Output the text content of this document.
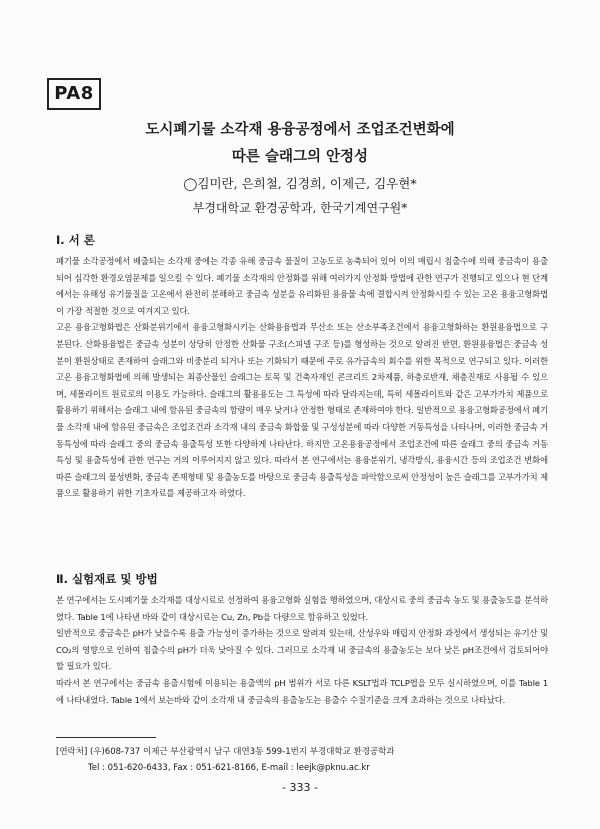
PA8
도시폐기물 소각재 용융공정에서 조업조건변화에
따른 슬래그의 안정성
◯김미란, 은희철, 김경희, 이제근, 김우현*
부경대학교 환경공학과, 한국기계연구원*
Ⅰ. 서 론

폐기물 소각공정에서 배출되는 소각재 중에는 각종 유해 중금속 물질이 고농도로 농축되어 있어 이의 매립시 침출수에 의해 중금속이 용출되어 심각한 환경오염문제를 일으킬 수 있다. 폐기물 소각재의 안정화를 위해 여러가지 안정화 방법에 관한 연구가 진행되고 있으나 현 단계에서는 유해성 유기물질을 고온에서 완전히 분해하고 중금속 성분을 유리화된 용융물 속에 결합시켜 안정화시킬 수 있는 고온 용융고형화법이 가장 적절한 것으로 여겨지고 있다.

고온 용융고형화법은 산화분위기에서 용융고형화시키는 산화용융법과 무산소 또는 산소부족조건에서 용융고형화하는 환원용융법으로 구분된다. 산화용융법은 중금속 성분이 상당히 안정한 산화물 구조(스피넬 구조 등)를 형성하는 것으로 알려진 반면, 환원용융법은 중금속 성분이 환원상태로 존재하여 슬래그와 비중분리 되거나 또는 기화되기 때문에 주로 유가금속의 회수를 위한 목적으로 연구되고 있다. 이러한 고온 용융고형화법에 의해 발생되는 최종산물인 슬래그는 토목 및 건축자재인 콘크리트 2차제품, 하층로반재, 채층진재로 사용될 수 있으며, 세몰라이트 원료로의 이용도 가능하다. 슬래그의 활용용도는 그 특성에 따라 달라지는데, 특히 세몰라이트와 같은 고부가가치 제품으로 활용하기 위해서는 슬래그 내에 함유된 중금속의 함량이 매우 낮거나 안정한 형태로 존재하여야 한다. 일반적으로 용융고형화공정에서 폐기물 소각재 내에 함유된 중금속은 조업조건과 소각재 내의 중금속 화합물 및 구성성분에 따라 다양한 거동특성을 나타나며, 이러한 중금속 거동특성에 따라 슬래그 중의 중금속 용출특성 또한 다양하게 나타난다. 하지만 고온용융공정에서 조업조건에 따른 슬래그 중의 중금속 거동특성 및 용출특성에 관한 연구는 거의 이루어지지 않고 있다. 따라서 본 연구에서는 용융분위기, 냉각방식, 용융시간 등의 조업조건 변화에 따른 슬래그의 물성변화, 중금속 존재형태 및 용출농도를 바탕으로 중금속 용출특성을 파악함으로써 안정성이 높은 슬래그를 고부가가치 제품으로 활용하기 위한 기초자료를 제공하고자 하였다.

Ⅱ. 실험재료 및 방법

본 연구에서는 도시폐기물 소각재를 대상시료로 선정하여 용융고형화 실험을 행하였으며, 대상시료 중의 중금속 농도 및 용출농도를 분석하였다. Table 1에 나타낸 바와 같이 대상시료는 Cu, Zn, Pb을 다량으로 함유하고 있었다.

일반적으로 중금속은 pH가 낮을수록 용출 가능성이 증가하는 것으로 알려져 있는데, 산성우와 매립지 안정화 과정에서 생성되는 유기산 및 CO₂의 영향으로 인하여 침출수의 pH가 더욱 낮아질 수 있다. 그러므로 소각재 내 중금속의 용출농도는 보다 낮은 pH조건에서 검토되어야 할 필요가 있다.

따라서 본 연구에서는 중금속 용출시험에 이용되는 용출액의 pH 범위가 서로 다른 KSLT법과 TCLP법을 모두 실시하였으며, 이를 Table 1에 나타내었다. Table 1에서 보는바와 같이 소각재 내 중금속의 용출농도는 용출수 수질기준을 크게 초과하는 것으로 나타났다.

[연락처] (우)608-737 이제근 부산광역시 남구 대연3동 599-1번지 부경대학교 환경공학과
Tel : 051-620-6433, Fax : 051-621-8166, E-mail : leejk@pknu.ac.kr
- 333 -
